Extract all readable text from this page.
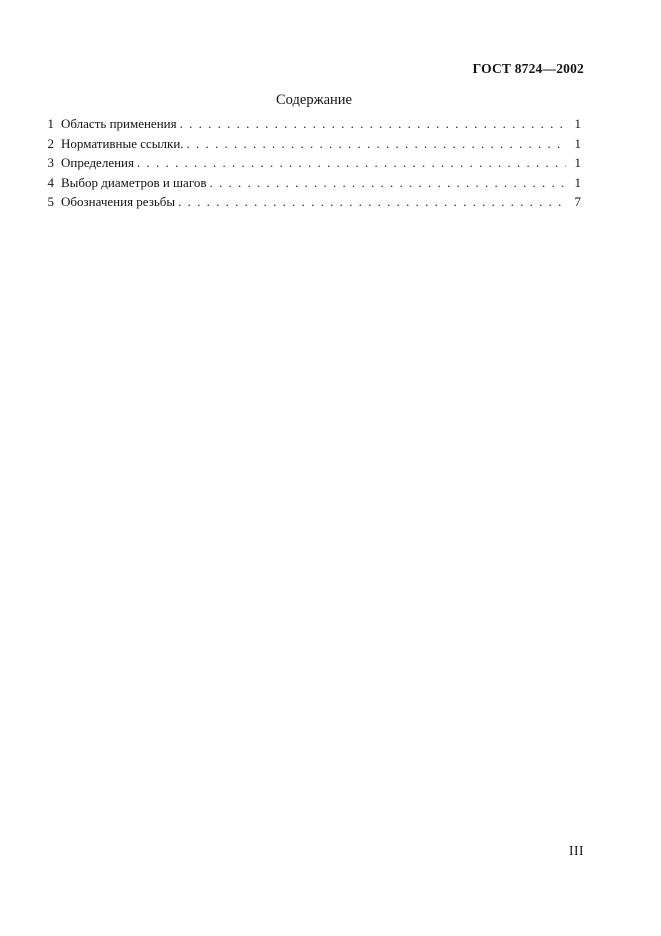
ГОСТ 8724—2002
Содержание
1 Область применения . . .	1
2 Нормативные ссылки. . . .	1
3 Определения . . .	1
4 Выбор диаметров и шагов . . .	1
5 Обозначения резьбы . . .	7
III
